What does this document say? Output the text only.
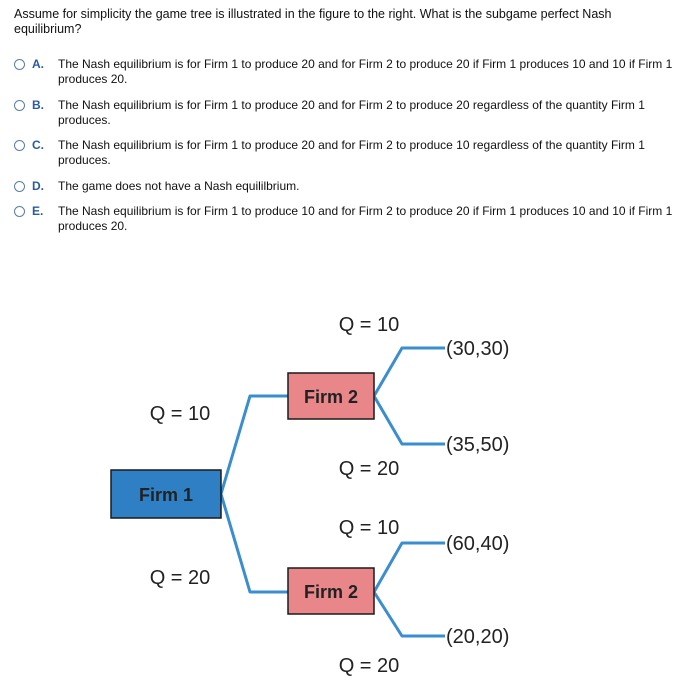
Assume for simplicity the game tree is illustrated in the figure to the right. What is the subgame perfect Nash equilibrium?
A. The Nash equilibrium is for Firm 1 to produce 20 and for Firm 2 to produce 20 if Firm 1 produces 10 and 10 if Firm 1 produces 20.
B. The Nash equilibrium is for Firm 1 to produce 20 and for Firm 2 to produce 20 regardless of the quantity Firm 1 produces.
C. The Nash equilibrium is for Firm 1 to produce 20 and for Firm 2 to produce 10 regardless of the quantity Firm 1 produces.
D. The game does not have a Nash equililbrium.
E. The Nash equilibrium is for Firm 1 to produce 10 and for Firm 2 to produce 20 if Firm 1 produces 10 and 10 if Firm 1 produces 20.
Firm 1
Firm 2
Firm 2
Q = 10
Q = 20
Q = 10
Q = 20
Q = 10
Q = 20
(30,30)
(35,50)
(60,40)
(20,20)
